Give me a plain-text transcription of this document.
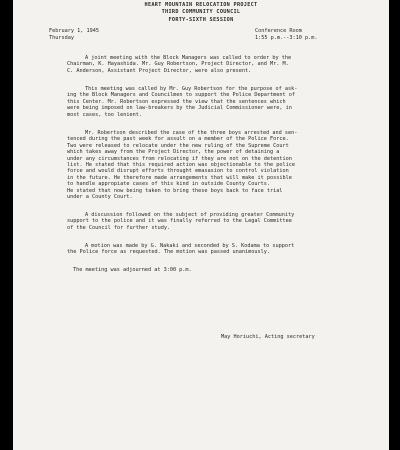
HEART MOUNTAIN RELOCATION PROJECT
THIRD COMMUNITY COUNCIL
FORTY-SIXTH SESSION
February 1, 1945
Thursday
Conference Room
1:55 p.m.--3:10 p.m.
A joint meeting with the Block Managers was called to order by the
Chairman, K. Hayashida. Mr. Guy Robertson, Project Director, and Mr. M.
C. Anderson, Assistant Project Director, were also present.
This meeting was called by Mr. Guy Robertson for the purpose of ask-
ing the Block Managers and Councilmen to support the Police Department of
this Center. Mr. Robertson expressed the view that the sentences which
were being imposed on law-breakers by the Judicial Commissioner were, in
most cases, too lenient.
Mr. Robertson described the case of the three boys arrested and sen-
tenced during the past week for assult on a member of the Police Force.
Two were released to relocate under the new ruling of the Supreme Court
which takes away from the Project Director, the power of detaining a
under any circumstances from relocating if they are not on the detention
list. He stated that this required action was objectionable to the police
force and would disrupt efforts throught emasasion to control violation
in the future. He therefore made arrangements that will make it possible
to handle appropiate cases of this kind in outside County Courts.
He stated that now being taken to bring these boys back to face trial
under a County Court.
A discussion followed on the subject of providing greater Community
support to the police and it was finally referred to the Legal Committee
of the Council for further study.
A motion was made by G. Nakaki and seconded by S. Kodama to support
the Police force as requested. The motion was passed unanimously.
The meeting was adjourned at 3:00 p.m.
May Horiuchi, Acting secretary
